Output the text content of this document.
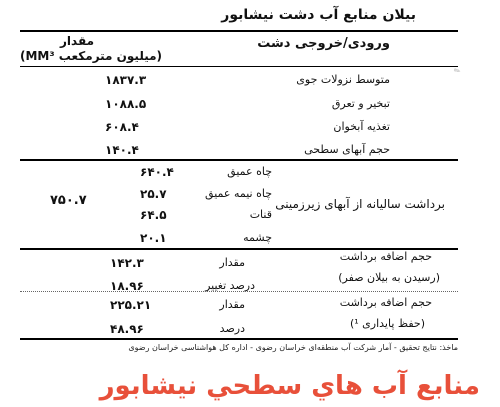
بیلان منابع آب دشت نیشابور
✎
ورودی/خروجی دشت
مقدار
(میلیون مترمکعب MM³)
متوسط نزولات جوی
۱۸۳۷.۳
تبخیر و تعرق
۱۰۸۸.۵
تغذیه آبخوان
۶۰۸.۴
حجم آبهای سطحی
۱۴۰.۴
برداشت سالیانه از آبهای زیرزمینی
۷۵۰.۷
چاه عمیق
۶۴۰.۴
چاه نیمه عمیق
۲۵.۷
قنات
۶۴.۵
چشمه
۲۰.۱
حجم اضافه برداشت
(رسیدن به بیلان صفر)
مقدار
۱۴۲.۳
درصد تغییر
۱۸.۹۶
حجم اضافه برداشت
(حفظ پایداری ¹)
مقدار
۲۲۵.۲۱
درصد
۴۸.۹۶
ماخذ: نتایج تحقیق - آمار شرکت آب منطقه‌ای خراسان رضوی - اداره کل هواشناسی خراسان رضوی
منابع آب هاي سطحي نيشابور
